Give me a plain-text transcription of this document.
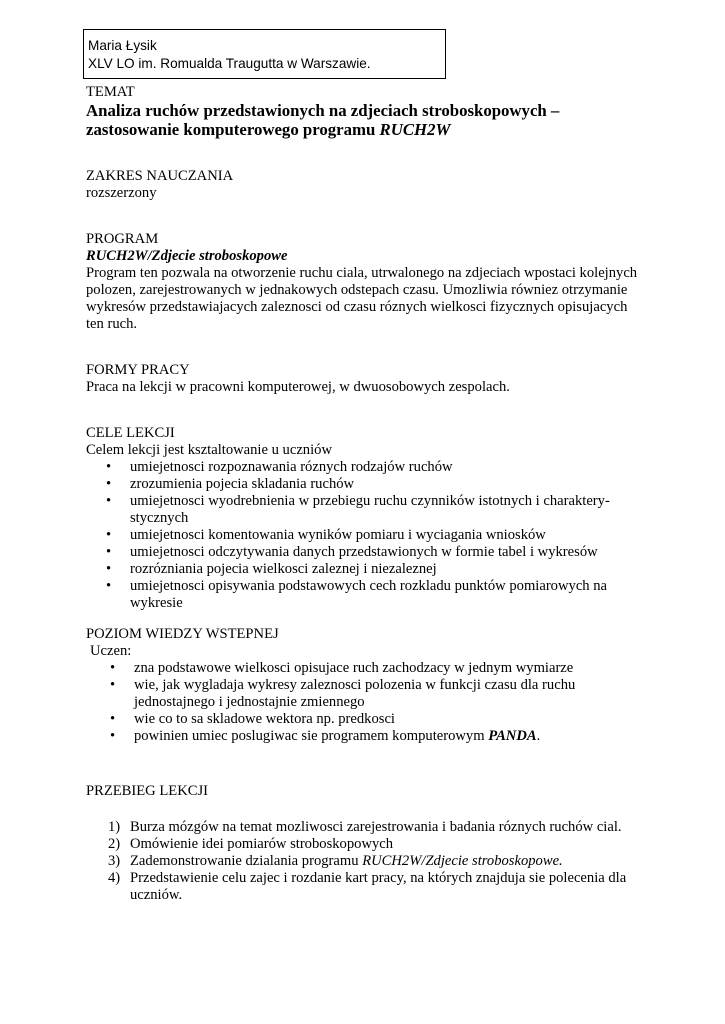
Maria Łysik
XLV LO im. Romualda Traugutta w Warszawie.

TEMAT

Analiza ruchów przedstawionych na zdjeciach stroboskopowych –

zastosowanie komputerowego programu RUCH2W

ZAKRES NAUCZANIA

rozszerzony

PROGRAM

RUCH2W/Zdjecie stroboskopowe

Program ten pozwala na otworzenie ruchu ciala, utrwalonego na zdjeciach wpostaci kolejnych polozen, zarejestrowanych w jednakowych odstepach czasu. Umozliwia równiez otrzymanie wykresów przedstawiajacych zaleznosci od czasu róznych wielkosci fizycznych opisujacych ten ruch.

FORMY PRACY

Praca na lekcji w pracowni komputerowej, w dwuosobowych zespolach.

CELE LEKCJI

Celem lekcji jest ksztaltowanie u uczniów

• umiejetnosci rozpoznawania róznych rodzajów ruchów
• zrozumienia pojecia skladania ruchów
• umiejetnosci wyodrebnienia w przebiegu ruchu czynników istotnych i charaktery-stycznych
• umiejetnosci komentowania wyników pomiaru i wyciagania wniosków
• umiejetnosci odczytywania danych przedstawionych w formie tabel i wykresów
• rozrózniania pojecia wielkosci zaleznej i niezaleznej
• umiejetnosci opisywania podstawowych cech rozkladu punktów pomiarowych na wykresie

POZIOM WIEDZY WSTEPNEJ

Uczen:

• zna podstawowe wielkosci opisujace ruch zachodzacy w jednym wymiarze
• wie, jak wygladaja wykresy zaleznosci polozenia w funkcji czasu dla ruchu jednostajnego i jednostajnie zmiennego
• wie co to sa skladowe wektora np. predkosci
• powinien umiec poslugiwac sie programem komputerowym PANDA.

PRZEBIEG LEKCJI

1) Burza mózgów na temat mozliwosci zarejestrowania i badania róznych ruchów cial.
2) Omówienie idei pomiarów stroboskopowych
3) Zademonstrowanie dzialania programu RUCH2W/Zdjecie stroboskopowe.
4) Przedstawienie celu zajec i rozdanie kart pracy, na których znajduja sie polecenia dla uczniów.
